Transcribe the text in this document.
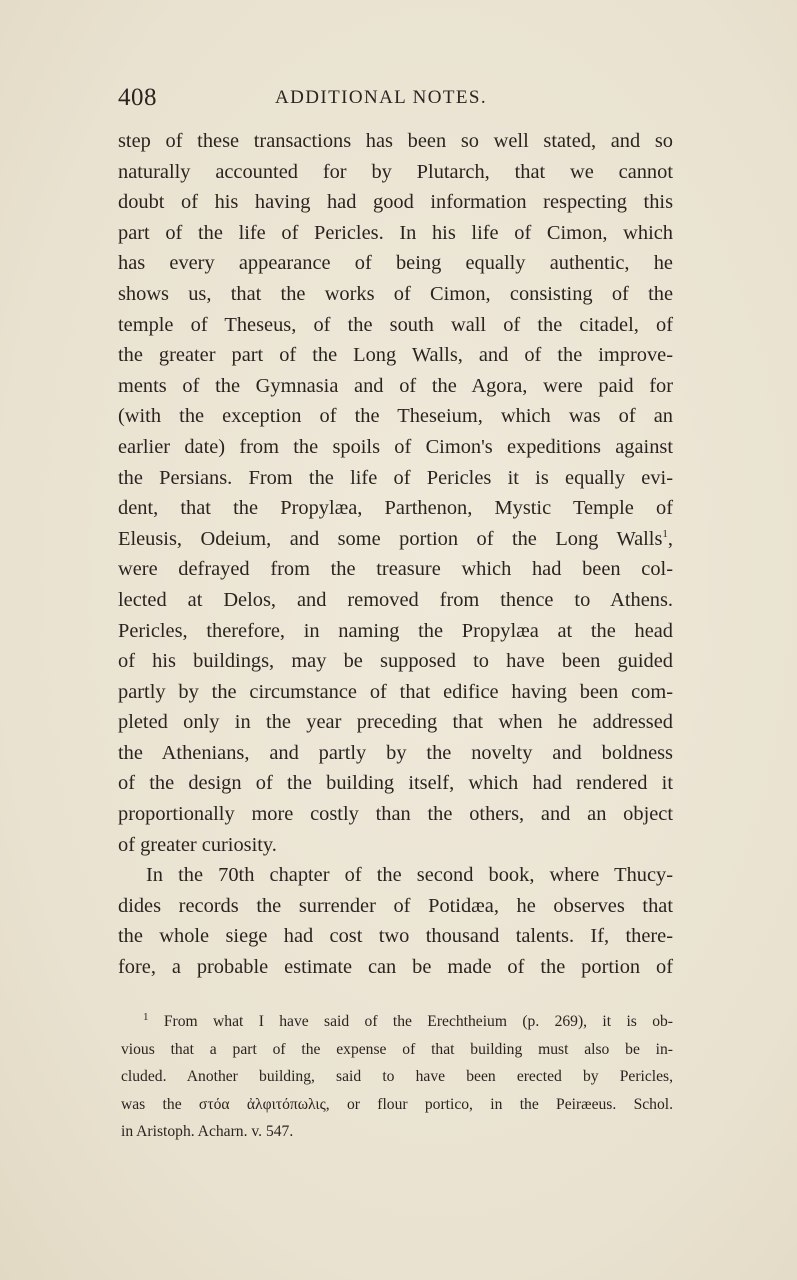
408	ADDITIONAL NOTES.
step of these transactions has been so well stated, and so
naturally accounted for by Plutarch, that we cannot
doubt of his having had good information respecting this
part of the life of Pericles. In his life of Cimon, which
has every appearance of being equally authentic, he
shows us, that the works of Cimon, consisting of the
temple of Theseus, of the south wall of the citadel, of
the greater part of the Long Walls, and of the improve-
ments of the Gymnasia and of the Agora, were paid for
(with the exception of the Theseium, which was of an
earlier date) from the spoils of Cimon's expeditions against
the Persians. From the life of Pericles it is equally evi-
dent, that the Propylæa, Parthenon, Mystic Temple of
Eleusis, Odeium, and some portion of the Long Walls$^1$,
were defrayed from the treasure which had been col-
lected at Delos, and removed from thence to Athens.
Pericles, therefore, in naming the Propylæa at the head
of his buildings, may be supposed to have been guided
partly by the circumstance of that edifice having been com-
pleted only in the year preceding that when he addressed
the Athenians, and partly by the novelty and boldness
of the design of the building itself, which had rendered it
proportionally more costly than the others, and an object
of greater curiosity.
In the 70th chapter of the second book, where Thucy-
dides records the surrender of Potidæa, he observes that
the whole siege had cost two thousand talents. If, there-
fore, a probable estimate can be made of the portion of
$^1$ From what I have said of the Erechtheium (p. 269), it is ob-
vious that a part of the expense of that building must also be in-
cluded. Another building, said to have been erected by Pericles,
was the στόα ἀλφιτόπωλις, or flour portico, in the Peiræeus. Schol.
in Aristoph. Acharn. v. 547.
